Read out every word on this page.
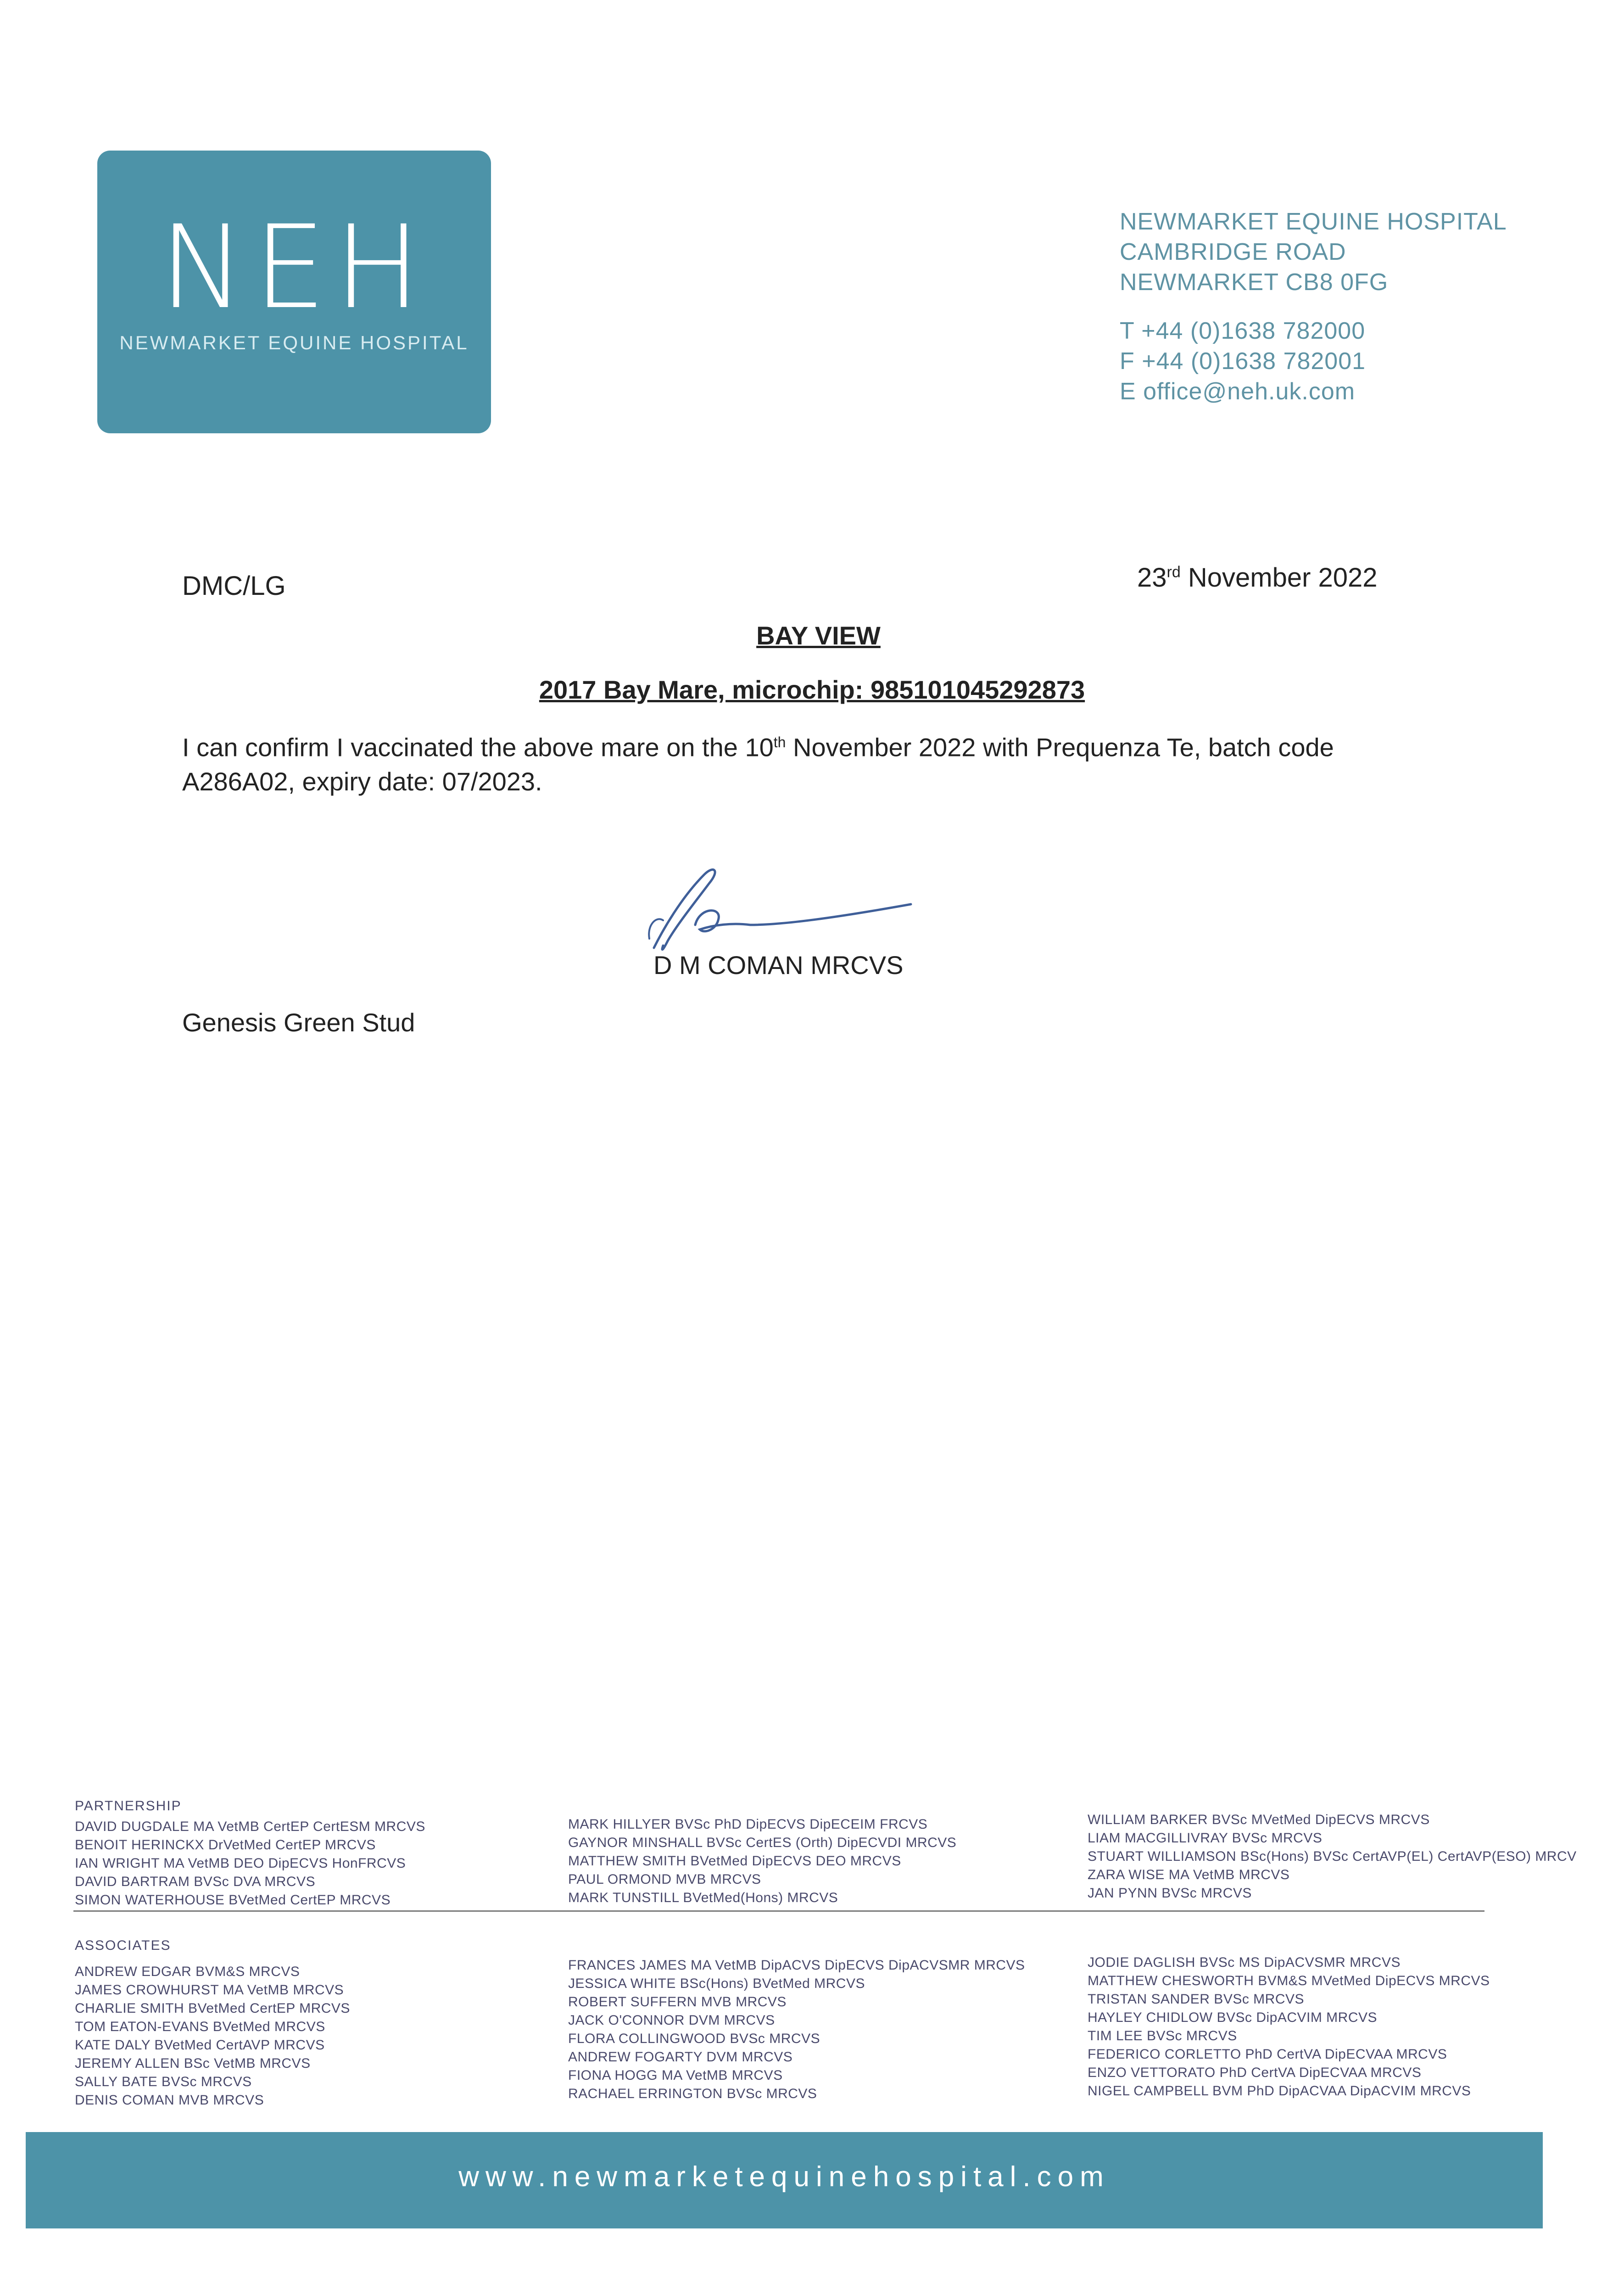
NEH
NEWMARKET EQUINE HOSPITAL
NEWMARKET EQUINE HOSPITAL
CAMBRIDGE ROAD
NEWMARKET CB8 0FG
T +44 (0)1638 782000
F +44 (0)1638 782001
E office@neh.uk.com
DMC/LG	23rd November 2022
BAY VIEW
2017 Bay Mare, microchip: 985101045292873
I can confirm I vaccinated the above mare on the 10th November 2022 with Prequenza Te, batch code A286A02, expiry date: 07/2023.
D M COMAN MRCVS
Genesis Green Stud
PARTNERSHIP
DAVID DUGDALE MA VetMB CertEP CertESM MRCVS
BENOIT HERINCKX DrVetMed CertEP MRCVS
IAN WRIGHT MA VetMB DEO DipECVS HonFRCVS
DAVID BARTRAM BVSc DVA MRCVS
SIMON WATERHOUSE BVetMed CertEP MRCVS
MARK HILLYER BVSc PhD DipECVS DipECEIM FRCVS
GAYNOR MINSHALL BVSc CertES (Orth) DipECVDI MRCVS
MATTHEW SMITH BVetMed DipECVS DEO MRCVS
PAUL ORMOND MVB MRCVS
MARK TUNSTILL BVetMed(Hons) MRCVS
WILLIAM BARKER BVSc MVetMed DipECVS MRCVS
LIAM MACGILLIVRAY BVSc MRCVS
STUART WILLIAMSON BSc(Hons) BVSc CertAVP(EL) CertAVP(ESO) MRCV
ZARA WISE MA VetMB MRCVS
JAN PYNN BVSc MRCVS
ASSOCIATES
ANDREW EDGAR BVM&S MRCVS
JAMES CROWHURST MA VetMB MRCVS
CHARLIE SMITH BVetMed CertEP MRCVS
TOM EATON-EVANS BVetMed MRCVS
KATE DALY BVetMed CertAVP MRCVS
JEREMY ALLEN BSc VetMB MRCVS
SALLY BATE BVSc MRCVS
DENIS COMAN MVB MRCVS
FRANCES JAMES MA VetMB DipACVS DipECVS DipACVSMR MRCVS
JESSICA WHITE BSc(Hons) BVetMed MRCVS
ROBERT SUFFERN MVB MRCVS
JACK O'CONNOR DVM MRCVS
FLORA COLLINGWOOD BVSc MRCVS
ANDREW FOGARTY DVM MRCVS
FIONA HOGG MA VetMB MRCVS
RACHAEL ERRINGTON BVSc MRCVS
JODIE DAGLISH BVSc MS DipACVSMR MRCVS
MATTHEW CHESWORTH BVM&S MVetMed DipECVS MRCVS
TRISTAN SANDER BVSc MRCVS
HAYLEY CHIDLOW BVSc DipACVIM MRCVS
TIM LEE BVSc MRCVS
FEDERICO CORLETTO PhD CertVA DipECVAA MRCVS
ENZO VETTORATO PhD CertVA DipECVAA MRCVS
NIGEL CAMPBELL BVM PhD DipACVAA DipACVIM MRCVS
www.newmarketequinehospital.com
